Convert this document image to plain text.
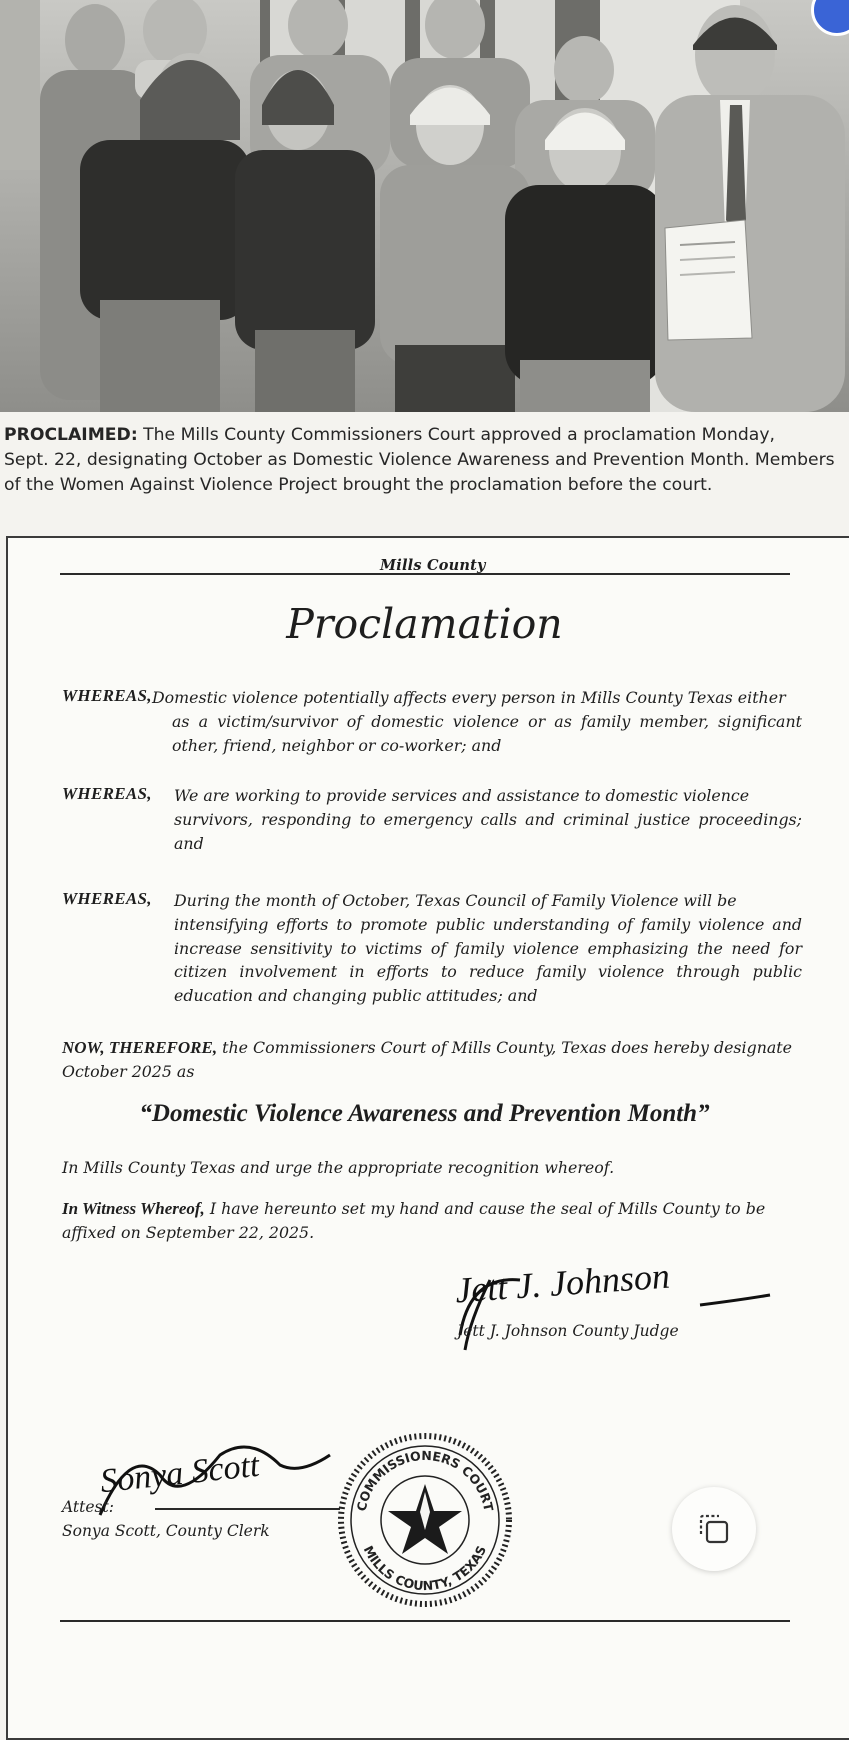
PROCLAIMED: The Mills County Commissioners Court approved a proclamation Monday,
Sept. 22, designating October as Domestic Violence Awareness and Prevention Month. Members
of the Women Against Violence Project brought the proclamation before the court.
Mills County
Proclamation
WHEREAS, Domestic violence potentially affects every person in Mills County Texas either
as a victim/survivor of domestic violence or as family member, significant other, friend, neighbor or co-worker; and
WHEREAS, We are working to provide services and assistance to domestic violence
survivors, responding to emergency calls and criminal justice proceedings; and
WHEREAS, During the month of October, Texas Council of Family Violence will be
intensifying efforts to promote public understanding of family violence and increase sensitivity to victims of family violence emphasizing the need for citizen involvement in efforts to reduce family violence through public education and changing public attitudes; and
NOW, THEREFORE, the Commissioners Court of Mills County, Texas does hereby designate October 2025 as
“Domestic Violence Awareness and Prevention Month”
In Mills County Texas and urge the appropriate recognition whereof.
In Witness Whereof, I have hereunto set my hand and cause the seal of Mills County to be affixed on September 22, 2025.
Jett J. Johnson
Jett J. Johnson County Judge
Sonya Scott
Attest:
Sonya Scott, County Clerk
COMMISSIONERS COURT
MILLS COUNTY, TEXAS
